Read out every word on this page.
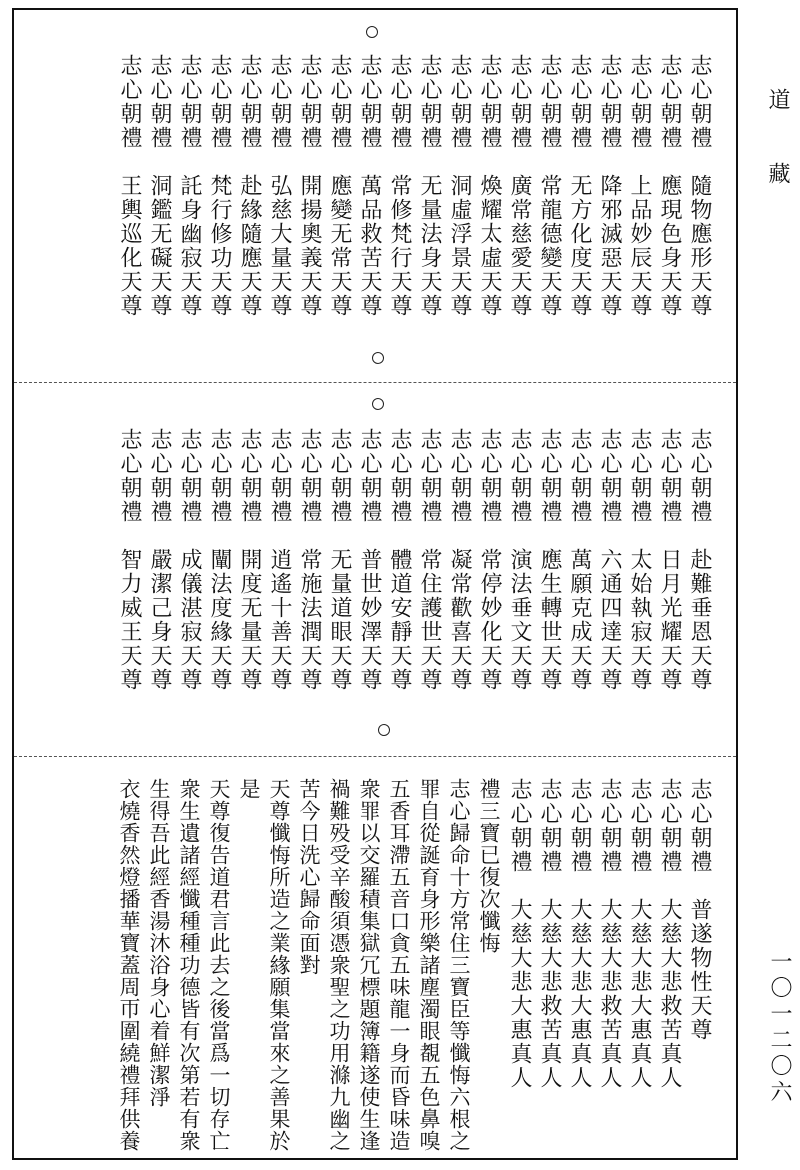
志心朝禮隨物應形天尊
志心朝禮應現色身天尊
志心朝禮上品妙辰天尊
志心朝禮降邪滅惡天尊
志心朝禮无方化度天尊
志心朝禮常龍德變天尊
志心朝禮廣常慈愛天尊
志心朝禮煥耀太虛天尊
志心朝禮洞虛浮景天尊
志心朝禮无量法身天尊
志心朝禮常修梵行天尊
志心朝禮萬品救苦天尊
志心朝禮應變无常天尊
志心朝禮開揚奧義天尊
志心朝禮弘慈大量天尊
志心朝禮赴緣隨應天尊
志心朝禮梵行修功天尊
志心朝禮託身幽寂天尊
志心朝禮洞鑑无礙天尊
志心朝禮王輿巡化天尊
志心朝禮赴難垂恩天尊
志心朝禮日月光耀天尊
志心朝禮太始執寂天尊
志心朝禮六通四達天尊
志心朝禮萬願克成天尊
志心朝禮應生轉世天尊
志心朝禮演法垂文天尊
志心朝禮常停妙化天尊
志心朝禮凝常歡喜天尊
志心朝禮常住護世天尊
志心朝禮體道安靜天尊
志心朝禮普世妙澤天尊
志心朝禮无量道眼天尊
志心朝禮常施法潤天尊
志心朝禮逍遙十善天尊
志心朝禮開度无量天尊
志心朝禮闡法度緣天尊
志心朝禮成儀湛寂天尊
志心朝禮嚴潔己身天尊
志心朝禮智力威王天尊
志心朝禮普遂物性天尊
志心朝禮大慈大悲救苦真人
志心朝禮大慈大悲大惠真人
志心朝禮大慈大悲救苦真人
志心朝禮大慈大悲大惠真人
志心朝禮大慈大悲救苦真人
志心朝禮大慈大悲大惠真人
禮三寶已復次懺悔
志心歸命十方常住三寶臣等懺悔六根之
罪自從誕育身形樂諸塵濁眼覩五色鼻嗅
五香耳滯五音口貪五味龍一身而昏味造
衆罪以交羅積集獄冗標題簿籍遂使生逢
禍難殁受辛酸須憑衆聖之功用滌九幽之
苦今日洗心歸命面對
天尊懺悔所造之業緣願集當來之善果於
是
天尊復告道君言此去之後當爲一切存亡
衆生遺諸經懺種種功德皆有次第若有衆
生得吾此經香湯沐浴身心着鮮潔淨
衣燒香然燈播華寶蓋周帀圍繞禮拜供養
道藏
一〇一二〇六
